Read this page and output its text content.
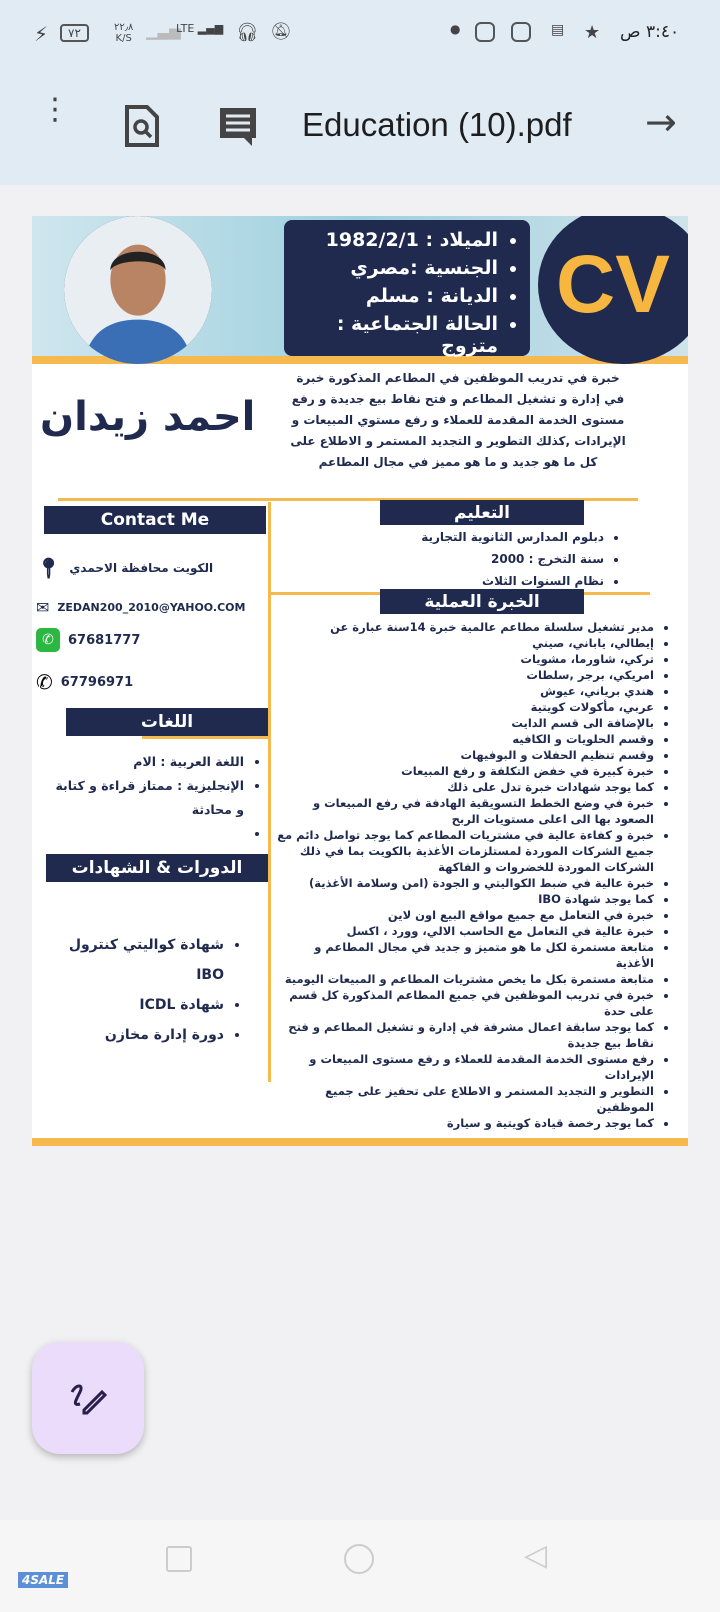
⚡	٧٢	٢٢٫٨
K/S ▁▃▅
LTE ▂▄▆ 🎧︎ 🔕︎	●	▤ ★ ٣:٤٠ ص
⋮	Education (10).pdf →
• الميلاد : 1982/2/1
• الجنسية :مصري
• الديانة : مسلم
• الحالة الجتماعية : متزوج
CV
خبرة في تدريب الموظفين في المطاعم المذكورة خبرة في إدارة و تشغيل المطاعم و فتح نقاط بيع جديدة و رفع مستوى الخدمة المقدمة للعملاء و رفع مستوي المبيعات و الإيرادات ,كذلك التطوير و التجديد المستمر و الاطلاع على كل ما هو جديد و ما هو مميز في مجال المطاعم
احمد زيدان
Contact Me
📍︎ الكويت محافظة الاحمدي
✉ ZEDAN200_2010@YAHOO.COM
✆	67681777
✆ 67796971
اللغات
• اللغة العربية : الام
• الإنجليزية : ممتاز قراءة و كتابة و محادثة
•
الدورات & الشهادات
• شهادة كواليتي كنترول IBO
• شهادة ICDL
• دورة إدارة مخازن
التعليم
• دبلوم المدارس الثانوية التجارية
• سنة التخرج : 2000
• نظام السنوات الثلاث
الخبرة العملية
• مدير تشغيل سلسلة مطاعم عالمية خبرة 14سنة عبارة عن
• إيطالي، ياباني، صيني
• تركي، شاورما، مشويات
• امريكي، برجر ,سلطات
• هندي برياني، عيوش
• عربي، مأكولات كويتية
• بالإضافة الى قسم الدايت
• وقسم الحلويات و الكافيه
• وقسم تنظيم الحفلات و البوفيهات
• خبرة كبيرة في خفض التكلفة و رفع المبيعات
• كما يوجد شهادات خبرة تدل على ذلك
• خبرة في وضع الخطط التسويقية الهادفة في رفع المبيعات و الصعود بها الى اعلى مستويات الربح
• خبرة و كفاءة عالية في مشتريات المطاعم كما يوجد تواصل دائم مع جميع الشركات الموردة لمستلزمات الأغذية بالكويت بما في ذلك الشركات الموردة للخضروات و الفاكهة
• خبرة عالية في ضبط الكواليتي و الجودة (امن وسلامة الأغذية)
• كما يوجد شهادة IBO
• خبرة في التعامل مع جميع مواقع البيع اون لاين
• خبرة عالية في التعامل مع الحاسب الالي، وورد ، اكسل
• متابعة مستمرة لكل ما هو متميز و جديد في مجال المطاعم و الأغذية
• متابعة مستمرة بكل ما يخص مشتريات المطاعم و المبيعات اليومية
• خبرة في تدريب الموظفين في جميع المطاعم المذكورة كل قسم على حدة
• كما يوجد سابقة اعمال مشرفة في إدارة و تشغيل المطاعم و فتح نقاط بيع جديدة
• رفع مستوى الخدمة المقدمة للعملاء و رفع مستوى المبيعات و الإيرادات
• التطوير و التجديد المستمر و الاطلاع على تحفيز على جميع الموظفين
• كما يوجد رخصة قيادة كويتية و سيارة
4SALE
◁
